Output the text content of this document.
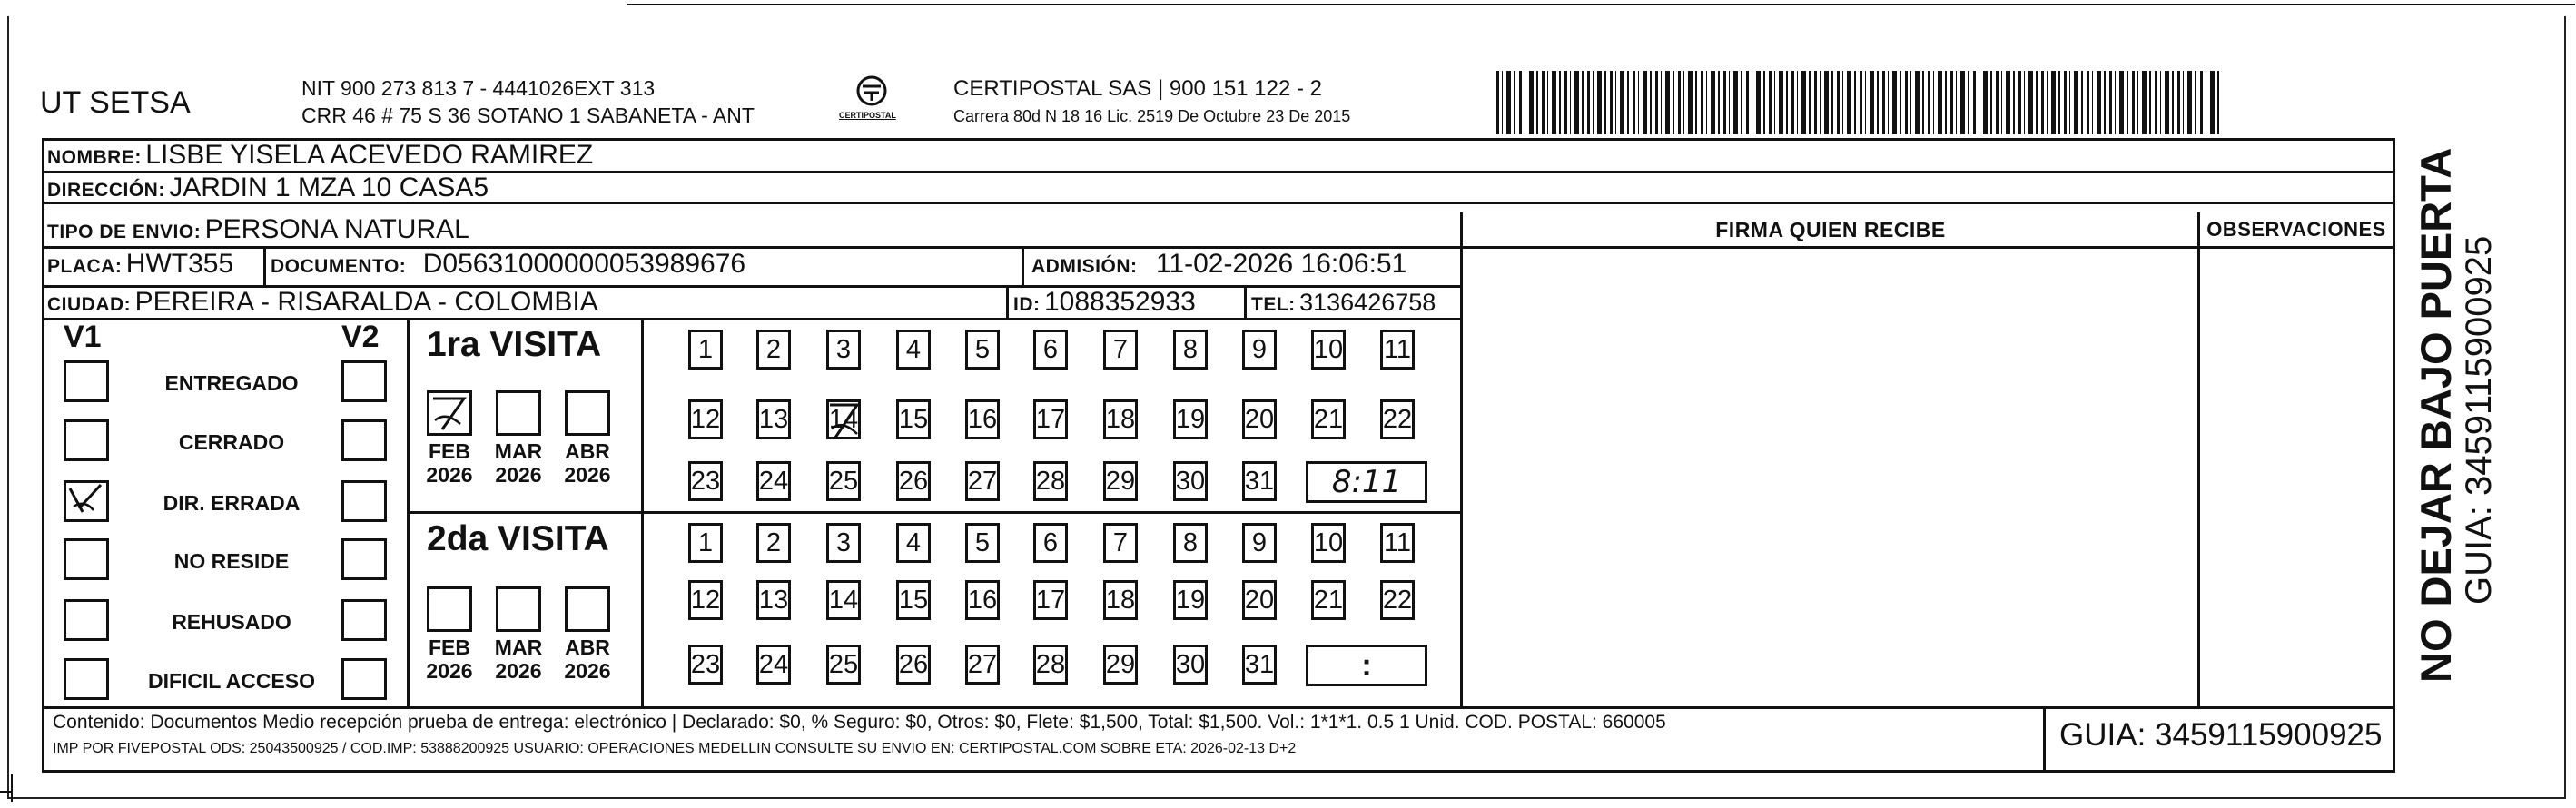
UT SETSA	NIT 900 273 813 7 - 4441026EXT 313
CRR 46 # 75 S 36 SOTANO 1 SABANETA - ANT	CERTIPOSTAL
CERTIPOSTAL SAS | 900 151 122 - 2
Carrera 80d N 18 16 Lic. 2519 De Octubre 23 De 2015
NOMBRE: LISBE YISELA ACEVEDO RAMIREZ
DIRECCIÓN: JARDIN 1 MZA 10 CASA5
TIPO DE ENVIO: PERSONA NATURAL	FIRMA QUIEN RECIBE	OBSERVACIONES
PLACA: HWT355 DOCUMENTO: D05631000000053989676	ADMISIÓN: 11-02-2026 16:06:51
CIUDAD: PEREIRA - RISARALDA - COLOMBIA	ID: 1088352933	TEL: 3136426758
V1	V2
ENTREGADO
CERRADO
DIR. ERRADA
NO RESIDE
REHUSADO
DIFICIL ACCESO
1ra VISITA
2da VISITA
FEB
2026
MAR
2026
ABR
2026
FEB
2026
MAR
2026
ABR
2026
1	2	3	4	5	6	7	8	9	10 11
12 13 14 15 16 17 18 19 20 21 22
23 24 25 26 27 28 29 30 31 8:11
1	2	3	4	5	6	7	8	9	10 11
12 13 14 15 16 17 18 19 20 21 22
23 24 25 26 27 28 29 30 31	:
Contenido: Documentos Medio recepción prueba de entrega: electrónico | Declarado: $0, % Seguro: $0, Otros: $0, Flete: $1,500, Total: $1,500. Vol.: 1*1*1. 0.5 1 Unid. COD. POSTAL: 660005
IMP POR FIVEPOSTAL ODS: 25043500925 / COD.IMP: 53888200925 USUARIO: OPERACIONES MEDELLIN CONSULTE SU ENVIO EN: CERTIPOSTAL.COM SOBRE ETA: 2026-02-13 D+2	GUIA: 3459115900925
NO DEJAR BAJO PUERTA GUIA: 3459115900925
